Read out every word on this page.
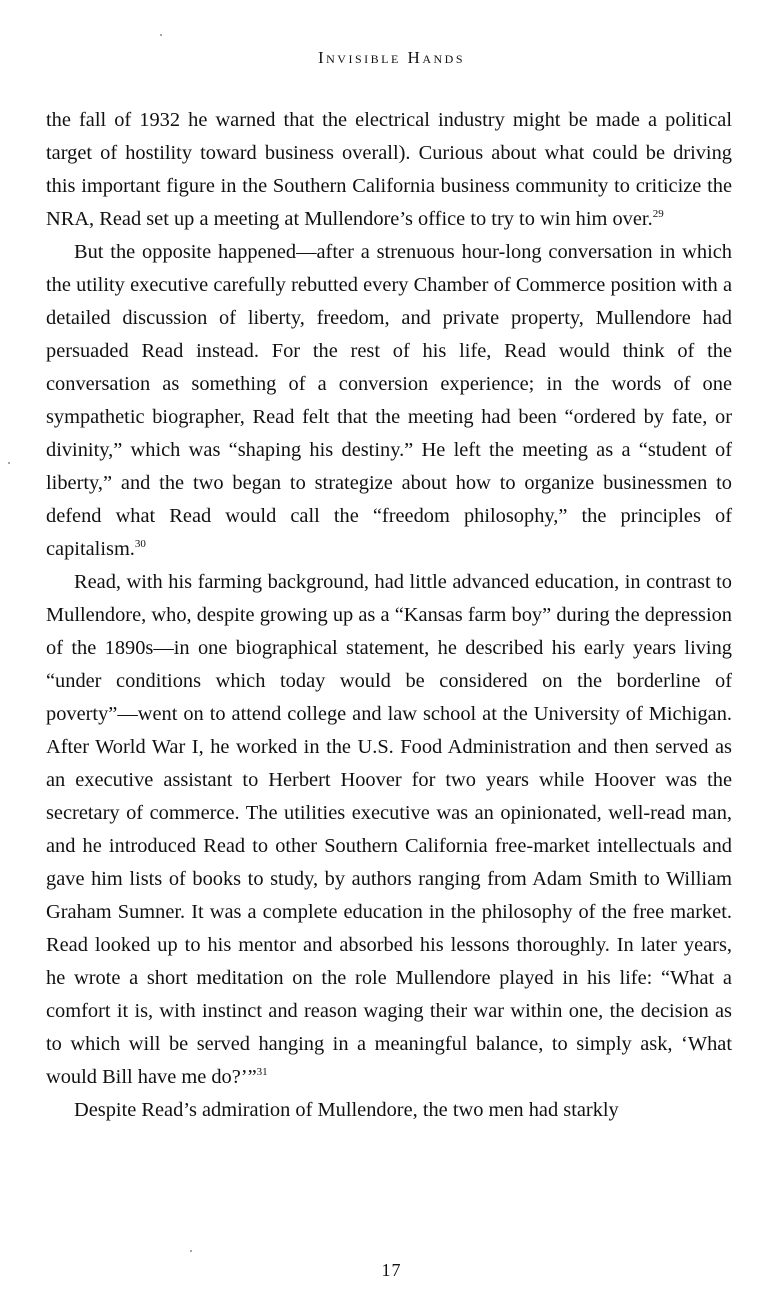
Invisible Hands

the fall of 1932 he warned that the electrical industry might be made a political target of hostility toward business overall). Curious about what could be driving this important figure in the Southern California business community to criticize the NRA, Read set up a meeting at Mullendore’s office to try to win him over.$^{29}$

But the opposite happened—after a strenuous hour-long conversation in which the utility executive carefully rebutted every Chamber of Commerce position with a detailed discussion of liberty, freedom, and private property, Mullendore had persuaded Read instead. For the rest of his life, Read would think of the conversation as something of a conversion experience; in the words of one sympathetic biographer, Read felt that the meeting had been “ordered by fate, or divinity,” which was “shaping his destiny.” He left the meeting as a “student of liberty,” and the two began to strategize about how to organize businessmen to defend what Read would call the “freedom philosophy,” the principles of capitalism.$^{30}$

Read, with his farming background, had little advanced education, in contrast to Mullendore, who, despite growing up as a “Kansas farm boy” during the depression of the 1890s—in one biographical statement, he described his early years living “under conditions which today would be considered on the borderline of poverty”—went on to attend college and law school at the University of Michigan. After World War I, he worked in the U.S. Food Administration and then served as an executive assistant to Herbert Hoover for two years while Hoover was the secretary of commerce. The utilities executive was an opinionated, well-read man, and he introduced Read to other Southern California free-market intellectuals and gave him lists of books to study, by authors ranging from Adam Smith to William Graham Sumner. It was a complete education in the philosophy of the free market. Read looked up to his mentor and absorbed his lessons thoroughly. In later years, he wrote a short meditation on the role Mullendore played in his life: “What a comfort it is, with instinct and reason waging their war within one, the decision as to which will be served hanging in a meaningful balance, to simply ask, ‘What would Bill have me do?’”$^{31}$

Despite Read’s admiration of Mullendore, the two men had starkly

17
